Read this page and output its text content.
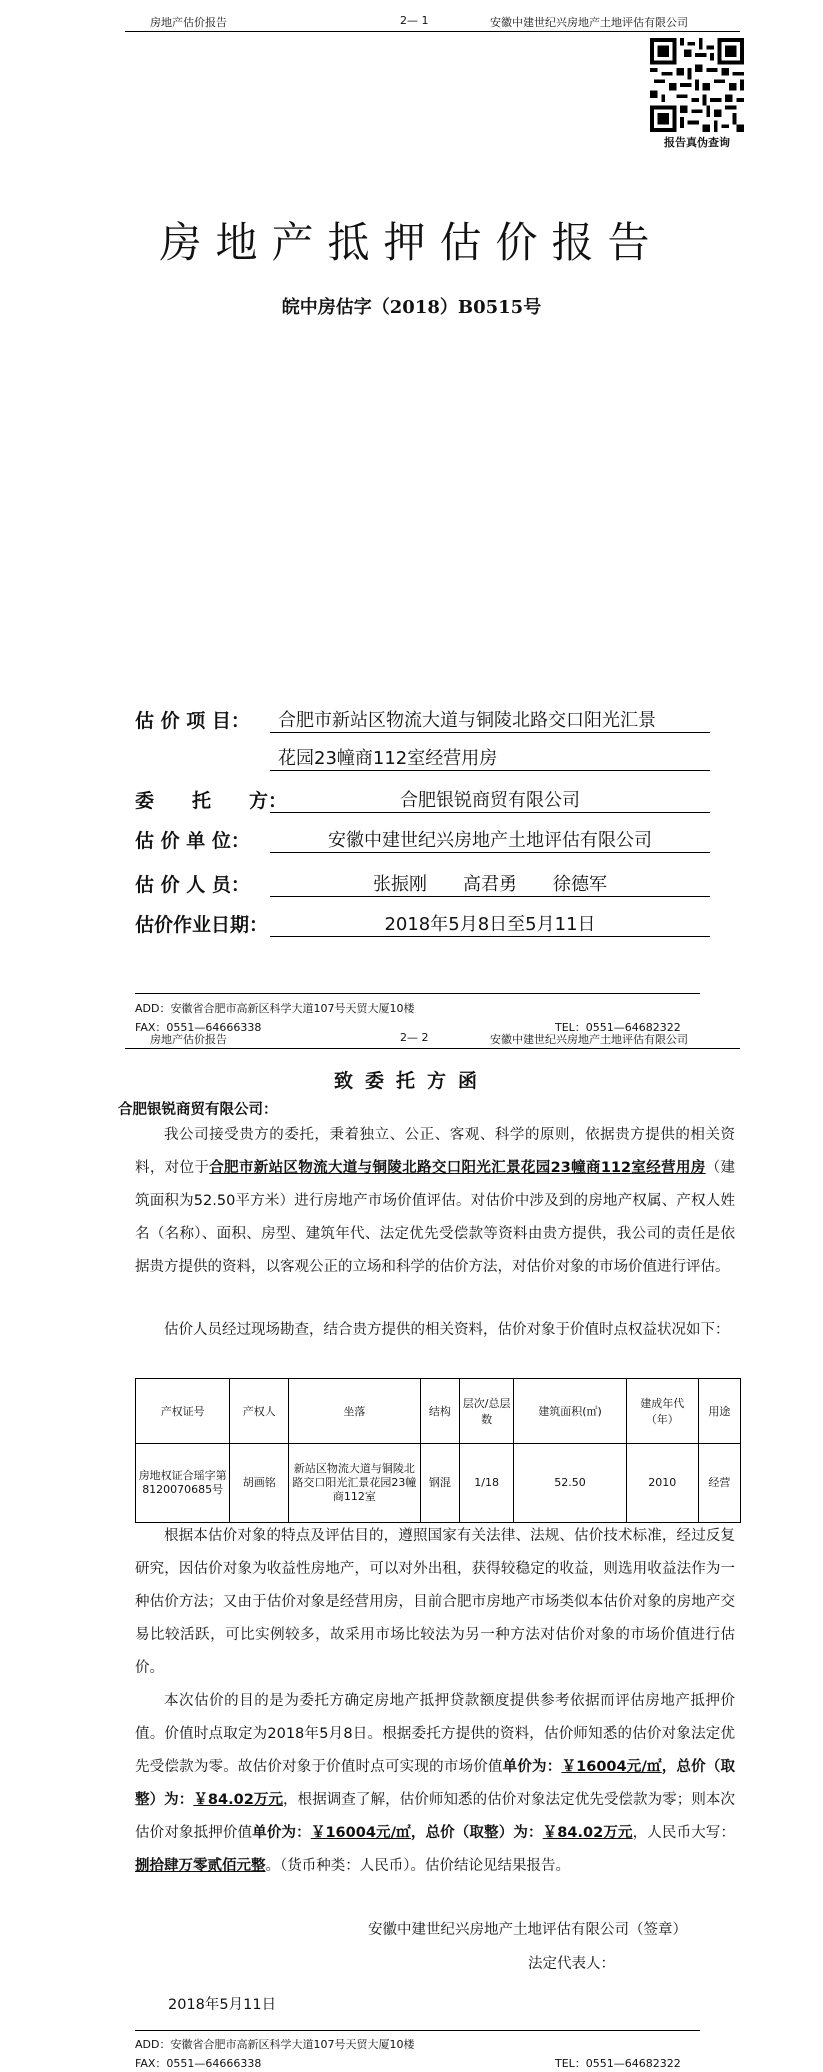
房地产估价报告	2— 1	安徽中建世纪兴房地产土地评估有限公司
报告真伪查询
房地产抵押估价报告
皖中房估字（2018）B0515号
估 价 项 目： 合肥市新站区物流大道与铜陵北路交口阳光汇景
花园23幢商112室经营用房
委　　托　　方：	合肥银锐商贸有限公司
估 价 单 位：	安徽中建世纪兴房地产土地评估有限公司
估 价 人 员：	张振刚　　高君勇　　徐德军
估价作业日期：	2018年5月8日至5月11日
ADD：安徽省合肥市高新区科学大道107号天贸大厦10楼
FAX：0551—64666338	TEL：0551—64682322
房地产估价报告	2— 2	安徽中建世纪兴房地产土地评估有限公司
致委托方函
合肥银锐商贸有限公司：
我公司接受贵方的委托，秉着独立、公正、客观、科学的原则，依据贵方提供的相关资料，对位于合肥市新站区物流大道与铜陵北路交口阳光汇景花园23幢商112室经营用房（建筑面积为52.50平方米）进行房地产市场价值评估。对估价中涉及到的房地产权属、产权人姓名（名称）、面积、房型、建筑年代、法定优先受偿款等资料由贵方提供，我公司的责任是依据贵方提供的资料，以客观公正的立场和科学的估价方法，对估价对象的市场价值进行评估。
估价人员经过现场勘查，结合贵方提供的相关资料，估价对象于价值时点权益状况如下：
产权证号	产权人	坐落	结构	层次/总层数	建筑面积(㎡)	建成年代（年）	用途
房地权证合瑶字第8120070685号	胡画铭	新站区物流大道与铜陵北路交口阳光汇景花园23幢商112室	钢混	1/18	52.50	2010	经营
根据本估价对象的特点及评估目的，遵照国家有关法律、法规、估价技术标准，经过反复研究，因估价对象为收益性房地产，可以对外出租，获得较稳定的收益，则选用收益法作为一种估价方法；又由于估价对象是经营用房，目前合肥市房地产市场类似本估价对象的房地产交易比较活跃，可比实例较多，故采用市场比较法为另一种方法对估价对象的市场价值进行估价。
本次估价的目的是为委托方确定房地产抵押贷款额度提供参考依据而评估房地产抵押价值。价值时点取定为2018年5月8日。根据委托方提供的资料，估价师知悉的估价对象法定优先受偿款为零。故估价对象于价值时点可实现的市场价值单价为：￥16004元/㎡，总价（取整）为：￥84.02万元，根据调查了解，估价师知悉的估价对象法定优先受偿款为零；则本次估价对象抵押价值单价为：￥16004元/㎡，总价（取整）为：￥84.02万元，人民币大写：捌拾肆万零贰佰元整。（货币种类：人民币）。估价结论见结果报告。
安徽中建世纪兴房地产土地评估有限公司（签章）
法定代表人：
2018年5月11日
ADD：安徽省合肥市高新区科学大道107号天贸大厦10楼
FAX：0551—64666338	TEL：0551—64682322
